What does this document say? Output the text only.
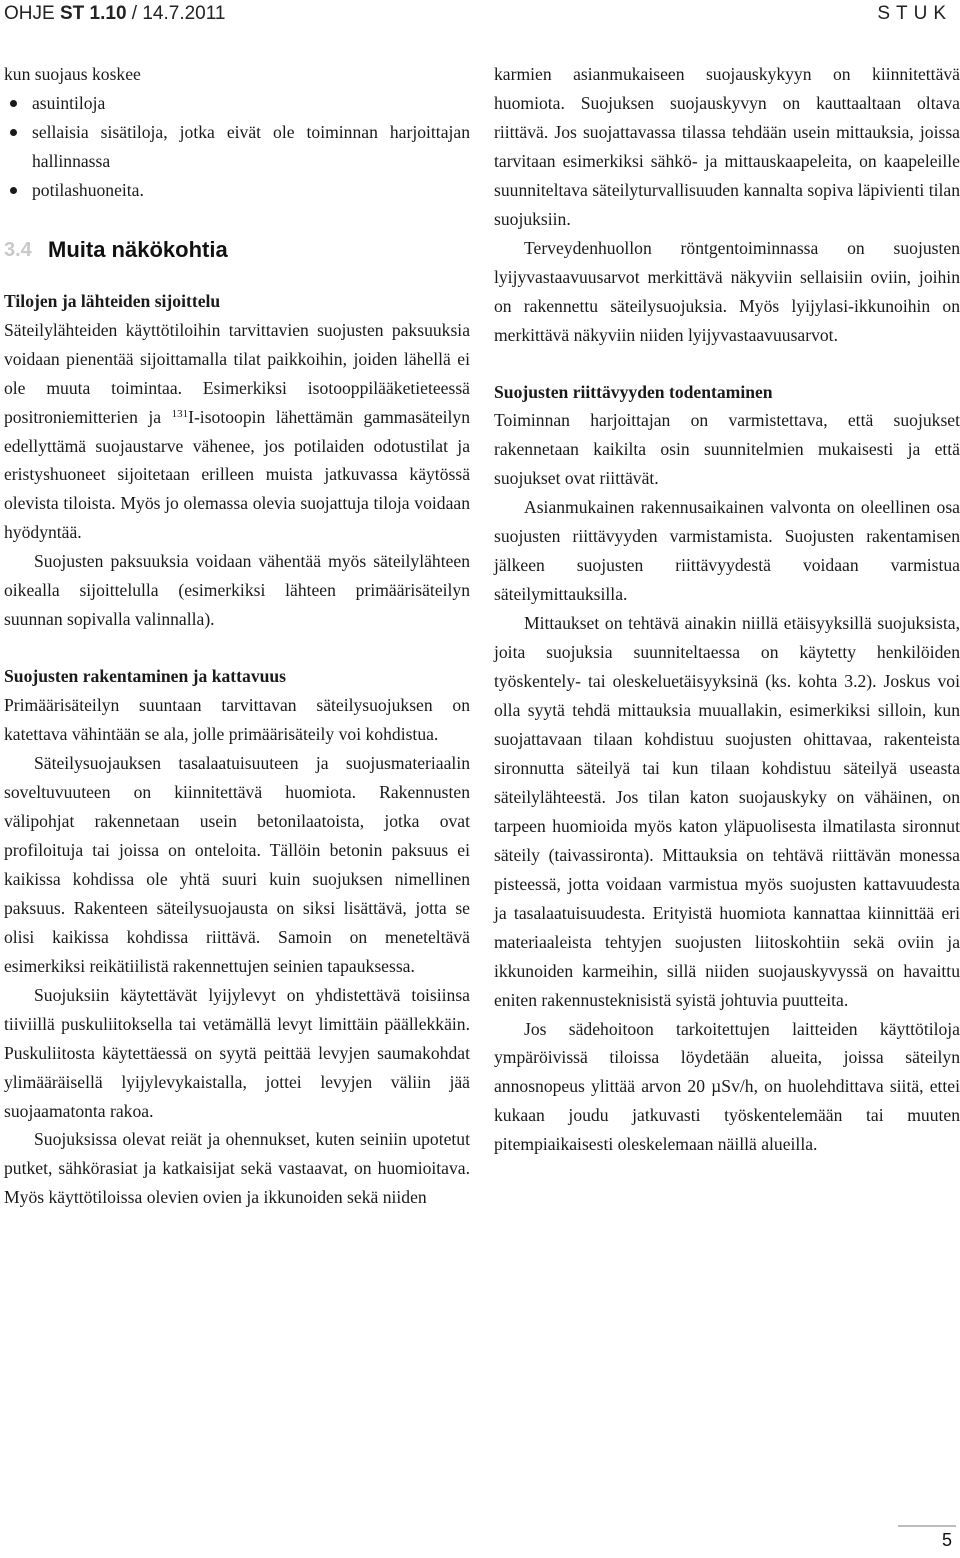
OHJE ST 1.10 / 14.7.2011	STUK

kun suojaus koskee

asuintiloja
sellaisia sisätiloja, jotka eivät ole toiminnan harjoittajan hallinnassa
potilashuoneita.
3.4 Muita näkökohtia

Tilojen ja lähteiden sijoittelu

Säteilylähteiden käyttötiloihin tarvittavien suojusten paksuuksia voidaan pienentää sijoittamalla tilat paikkoihin, joiden lähellä ei ole muuta toimintaa. Esimerkiksi isotooppilääketieteessä positroniemitterien ja $^{131}$I-isotoopin lähettämän gammasäteilyn edellyttämä suojaustarve vähenee, jos potilaiden odotustilat ja eristyshuoneet sijoitetaan erilleen muista jatkuvassa käytössä olevista tiloista. Myös jo olemassa olevia suojattuja tiloja voidaan hyödyntää.

Suojusten paksuuksia voidaan vähentää myös säteilylähteen oikealla sijoittelulla (esimerkiksi lähteen primäärisäteilyn suunnan sopivalla valinnalla).

Suojusten rakentaminen ja kattavuus

Primäärisäteilyn suuntaan tarvittavan säteilysuojuksen on katettava vähintään se ala, jolle primäärisäteily voi kohdistua.

Säteilysuojauksen tasalaatuisuuteen ja suojusmateriaalin soveltuvuuteen on kiinnitettävä huomiota. Rakennusten välipohjat rakennetaan usein betonilaatoista, jotka ovat profiloituja tai joissa on onteloita. Tällöin betonin paksuus ei kaikissa kohdissa ole yhtä suuri kuin suojuksen nimellinen paksuus. Rakenteen säteilysuojausta on siksi lisättävä, jotta se olisi kaikissa kohdissa riittävä. Samoin on meneteltävä esimerkiksi reikätiilistä rakennettujen seinien tapauksessa.

Suojuksiin käytettävät lyijylevyt on yhdistettävä toisiinsa tiiviillä puskuliitoksella tai vetämällä levyt limittäin päällekkäin. Puskuliitosta käytettäessä on syytä peittää levyjen saumakohdat ylimääräisellä lyijylevykaistalla, jottei levyjen väliin jää suojaamatonta rakoa.

Suojuksissa olevat reiät ja ohennukset, kuten seiniin upotetut putket, sähkörasiat ja katkaisijat sekä vastaavat, on huomioitava. Myös käyttötiloissa olevien ovien ja ikkunoiden sekä niiden

karmien asianmukaiseen suojauskykyyn on kiinnitettävä huomiota. Suojuksen suojauskyvyn on kauttaaltaan oltava riittävä. Jos suojattavassa tilassa tehdään usein mittauksia, joissa tarvitaan esimerkiksi sähkö- ja mittauskaapeleita, on kaapeleille suunniteltava säteilyturvallisuuden kannalta sopiva läpivienti tilan suojuksiin.

Terveydenhuollon röntgentoiminnassa on suojusten lyijyvastaavuusarvot merkittävä näkyviin sellaisiin oviin, joihin on rakennettu säteilysuojuksia. Myös lyijylasi-ikkunoihin on merkittävä näkyviin niiden lyijyvastaavuusarvot.

Suojusten riittävyyden todentaminen

Toiminnan harjoittajan on varmistettava, että suojukset rakennetaan kaikilta osin suunnitelmien mukaisesti ja että suojukset ovat riittävät.

Asianmukainen rakennusaikainen valvonta on oleellinen osa suojusten riittävyyden varmistamista. Suojusten rakentamisen jälkeen suojusten riittävyydestä voidaan varmistua säteilymittauksilla.

Mittaukset on tehtävä ainakin niillä etäisyyksillä suojuksista, joita suojuksia suunniteltaessa on käytetty henkilöiden työskentely- tai oleskeluetäisyyksinä (ks. kohta 3.2). Joskus voi olla syytä tehdä mittauksia muuallakin, esimerkiksi silloin, kun suojattavaan tilaan kohdistuu suojusten ohittavaa, rakenteista sironnutta säteilyä tai kun tilaan kohdistuu säteilyä useasta säteilylähteestä. Jos tilan katon suojauskyky on vähäinen, on tarpeen huomioida myös katon yläpuolisesta ilmatilasta sironnut säteily (taivassironta). Mittauksia on tehtävä riittävän monessa pisteessä, jotta voidaan varmistua myös suojusten kattavuudesta ja tasalaatuisuudesta. Erityistä huomiota kannattaa kiinnittää eri materiaaleista tehtyjen suojusten liitoskohtiin sekä oviin ja ikkunoiden karmeihin, sillä niiden suojauskyvyssä on havaittu eniten rakennusteknisistä syistä johtuvia puutteita.

Jos sädehoitoon tarkoitettujen laitteiden käyttötiloja ympäröivissä tiloissa löydetään alueita, joissa säteilyn annosnopeus ylittää arvon 20 µSv/h, on huolehdittava siitä, ettei kukaan joudu jatkuvasti työskentelemään tai muuten pitempiaikaisesti oleskelemaan näillä alueilla.

5
